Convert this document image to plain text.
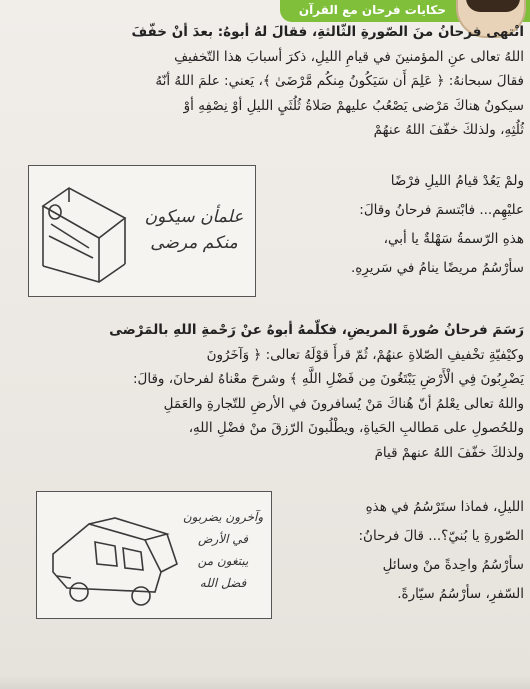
حكايات فرحان مع القرآن

انْتهى فرحانُ منَ الصّورةِ الثّالثةِ، فقالَ لهُ أبوهُ: بعدَ أنْ خفّفَ

اللهُ تعالى عنِ المؤمنينَ في قيامِ الليلِ، ذكرَ أسبابَ هذا التّخفيفِ

فقالَ سبحانهُ: ﴿ عَلِمَ أَن سَيَكُونُ مِنكُم مَّرْضَىٰ ﴾، يَعني: علمَ اللهُ أنّهُ

سيكونُ هناكَ مَرْضى يَصْعُبُ عليهمْ صَلاةُ ثُلُثَيِ الليلِ أوْ نِصْفِهِ أوْ

ثُلُثِهِ، ولذلكَ خفّفَ اللهُ عنهُمْ

ولمْ يَعُدْ قيامُ الليلِ فرْضًا

عليْهِم... فابْتسمَ فرحانُ وقالَ:

هذهِ الرّسمةُ سَهْلةٌ يا أبي،

سأرْسُمُ مريضًا ينامُ في سَريرِهِ.

علمأن سيكون
منكم مرضى

رَسَمَ فرحانُ صُورةَ المريضِ، فكلّمهُ أبوهُ عنْ رَحْمةِ اللهِ بالمَرْضى

وكيْفيّةِ تخْفيفِ الصّلاةِ عنهُمْ، ثُمّ قرأَ قوْلَهُ تعالى: ﴿ وَآخَرُونَ

يَضْرِبُونَ فِي الْأَرْضِ يَبْتَغُونَ مِن فَضْلِ اللَّهِ ﴾ وشرحَ معْناهُ لفرحانَ، وقالَ:

واللهُ تعالى يعْلمُ أنّ هُناكَ مَنْ يُسافرونَ في الأرضِ للتّجارةِ والعَمَلِ

وللحُصولِ على مَطالبِ الحَياةِ، ويطْلُبونَ الرّزقَ منْ فضْلِ اللهِ،

ولذلكَ خفّفَ اللهُ عنهمْ قيامَ

الليلِ، فماذا ستَرْسُمُ في هذهِ

الصّورةِ يا بُنيّ؟... قالَ فرحانُ:

سأرْسُمُ واحِدةً منْ وسائلِ

السّفرِ، سأرْسُمُ سيّارةً.

وآخرون يضربون
في الأرض
يبتغون من
فضل الله
